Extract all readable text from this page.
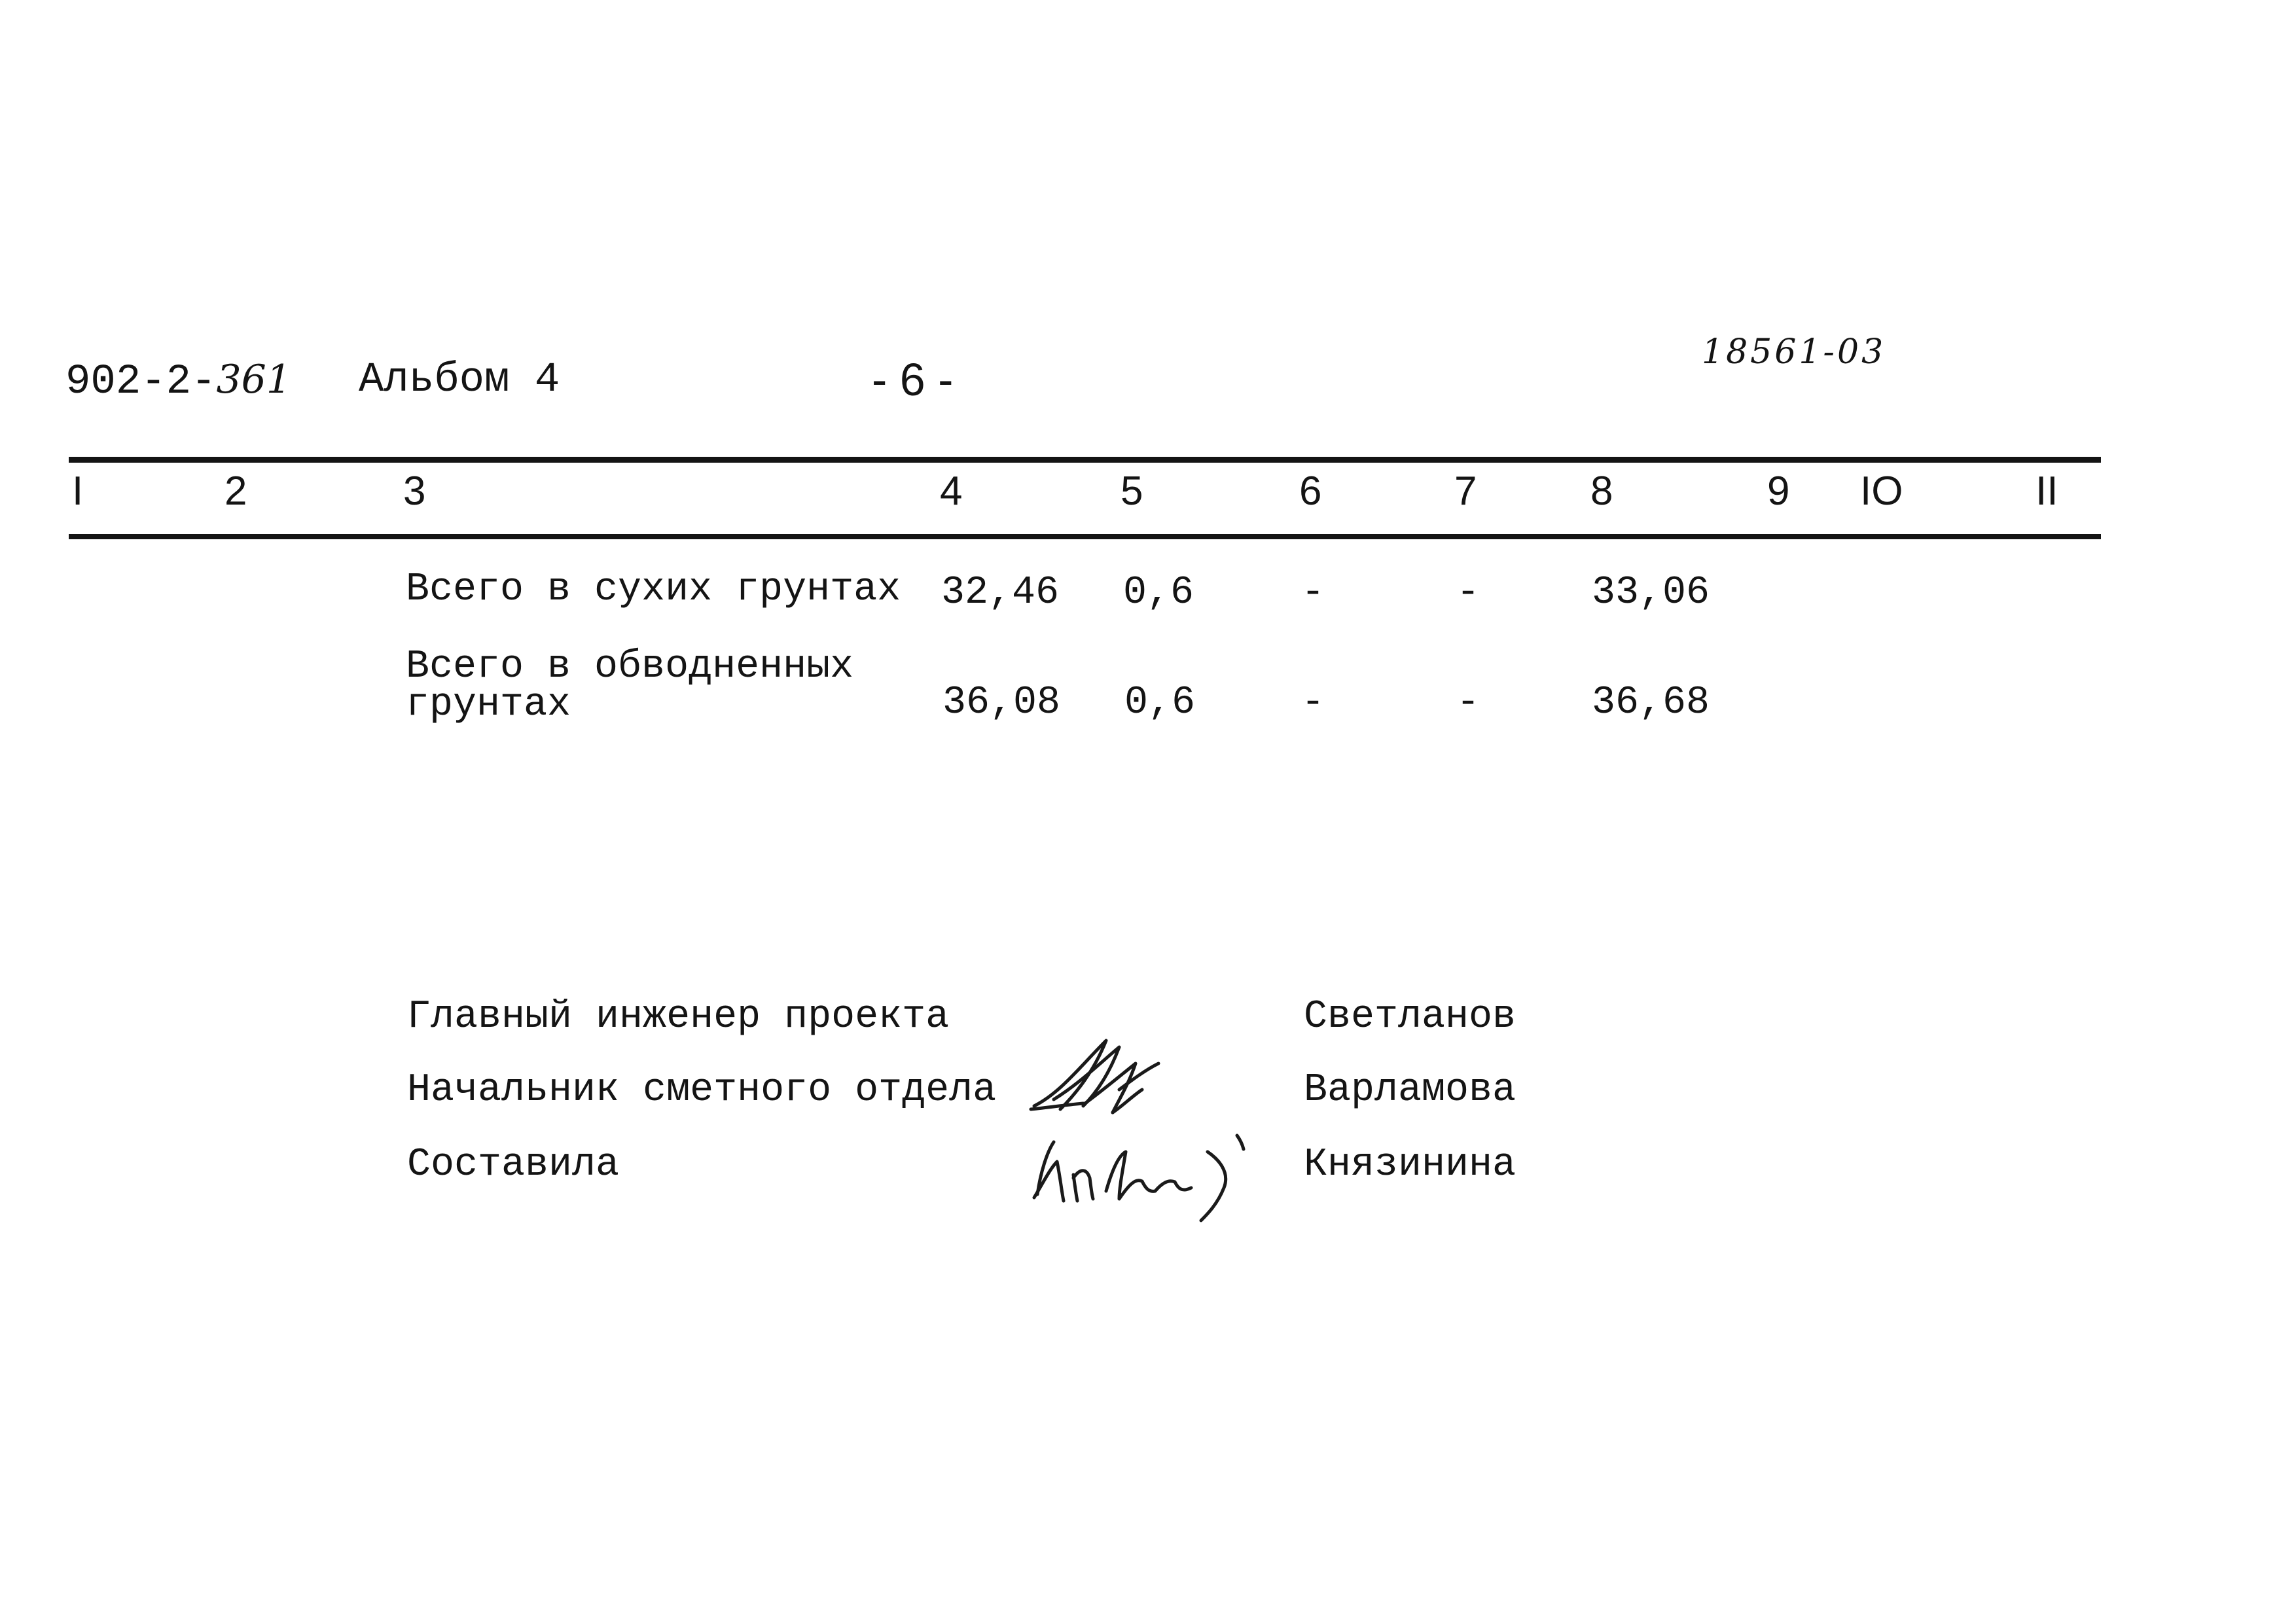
902-2-361 Альбом 4	- 6 -
18561-03
I	2	3	4	5	6	7	8	9 IO	II
Всего в сухих грунтах 32,46 0,6	-	-	33,06
Всего в обводненных
грунтах	36,08 0,6	-	-	36,68
Главный инженер проекта	Светланов
Начальник сметного отдела	Варламова
Составила	Князинина
